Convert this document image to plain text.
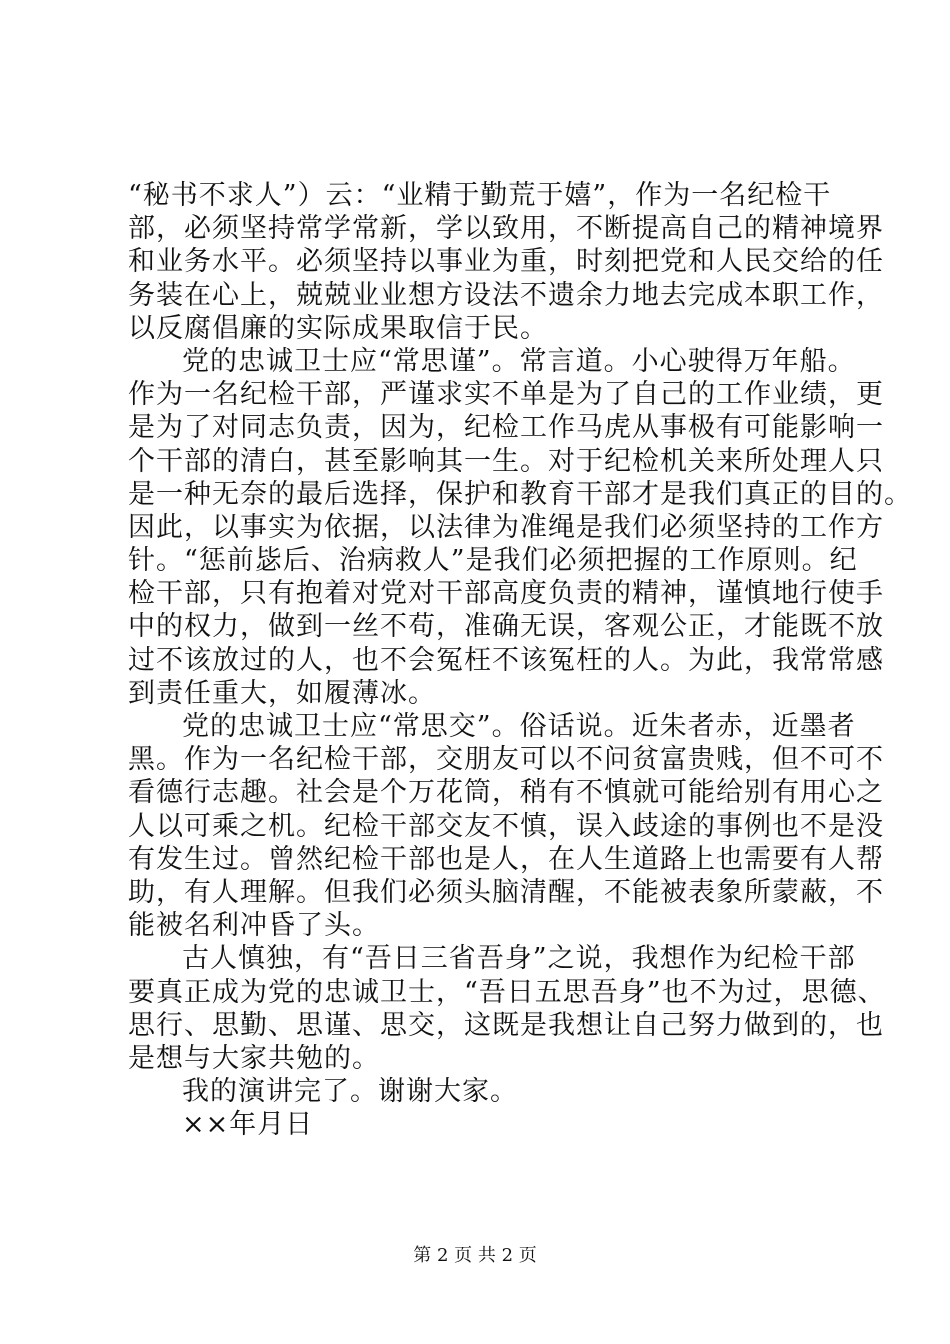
“秘书不求人”）云：“业精于勤荒于嬉”，作为一名纪检干
部，必须坚持常学常新，学以致用，不断提高自己的精神境界
和业务水平。必须坚持以事业为重，时刻把党和人民交给的任
务装在心上，兢兢业业想方设法不遗余力地去完成本职工作，
以反腐倡廉的实际成果取信于民。
党的忠诚卫士应“常思谨”。常言道。小心驶得万年船。
作为一名纪检干部，严谨求实不单是为了自己的工作业绩，更
是为了对同志负责，因为，纪检工作马虎从事极有可能影响一
个干部的清白，甚至影响其一生。对于纪检机关来所处理人只
是一种无奈的最后选择，保护和教育干部才是我们真正的目的。
因此，以事实为依据，以法律为准绳是我们必须坚持的工作方
针。“惩前毖后、治病救人”是我们必须把握的工作原则。纪
检干部，只有抱着对党对干部高度负责的精神，谨慎地行使手
中的权力，做到一丝不苟，准确无误，客观公正，才能既不放
过不该放过的人，也不会冤枉不该冤枉的人。为此，我常常感
到责任重大，如履薄冰。
党的忠诚卫士应“常思交”。俗话说。近朱者赤，近墨者
黑。作为一名纪检干部，交朋友可以不问贫富贵贱，但不可不
看德行志趣。社会是个万花筒，稍有不慎就可能给别有用心之
人以可乘之机。纪检干部交友不慎，误入歧途的事例也不是没
有发生过。曾然纪检干部也是人，在人生道路上也需要有人帮
助，有人理解。但我们必须头脑清醒，不能被表象所蒙蔽，不
能被名利冲昏了头。
古人慎独，有“吾日三省吾身”之说，我想作为纪检干部
要真正成为党的忠诚卫士，“吾日五思吾身”也不为过，思德、
思行、思勤、思谨、思交，这既是我想让自己努力做到的，也
是想与大家共勉的。
我的演讲完了。谢谢大家。
××年月日
第 2 页 共 2 页
